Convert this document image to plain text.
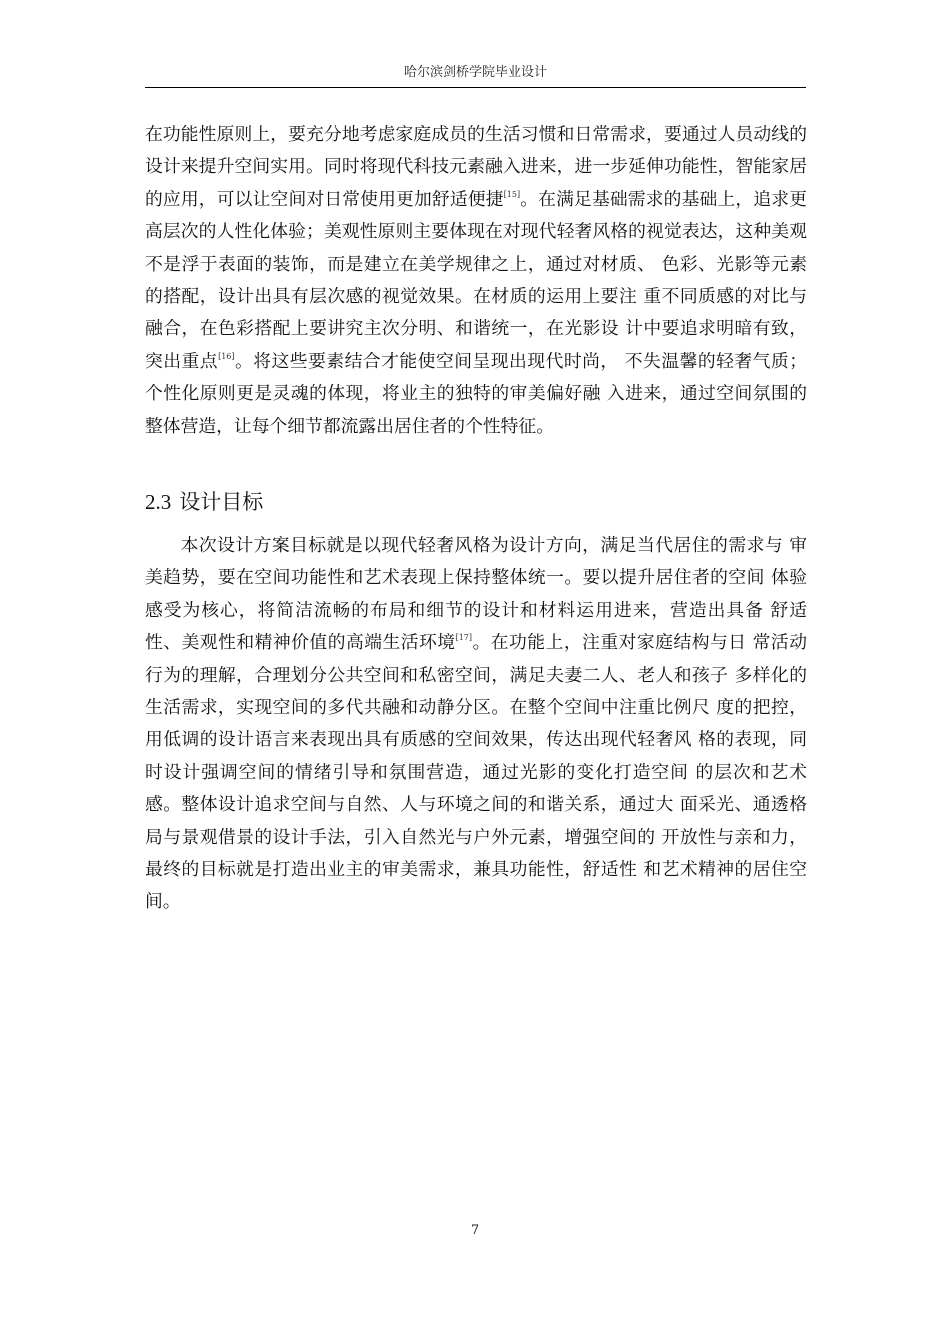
哈尔滨剑桥学院毕业设计

在功能性原则上，要充分地考虑家庭成员的生活习惯和日常需求，要通过人员动线的设计来提升空间实用。同时将现代科技元素融入进来，进一步延伸功能性，智能家居的应用，可以让空间对日常使用更加舒适便捷[15]。在满足基础需求的基础上，追求更高层次的人性化体验；美观性原则主要体现在对现代轻奢风格的视觉表达，这种美观不是浮于表面的装饰，而是建立在美学规律之上，通过对材质、 色彩、光影等元素的搭配，设计出具有层次感的视觉效果。在材质的运用上要注 重不同质感的对比与融合，在色彩搭配上要讲究主次分明、和谐统一，在光影设 计中要追求明暗有致，突出重点[16]。将这些要素结合才能使空间呈现出现代时尚， 不失温馨的轻奢气质；个性化原则更是灵魂的体现，将业主的独特的审美偏好融 入进来，通过空间氛围的整体营造，让每个细节都流露出居住者的个性特征。

2.3 设计目标

本次设计方案目标就是以现代轻奢风格为设计方向，满足当代居住的需求与 审美趋势，要在空间功能性和艺术表现上保持整体统一。要以提升居住者的空间 体验感受为核心，将简洁流畅的布局和细节的设计和材料运用进来，营造出具备 舒适性、美观性和精神价值的高端生活环境[17]。在功能上，注重对家庭结构与日 常活动行为的理解，合理划分公共空间和私密空间，满足夫妻二人、老人和孩子 多样化的生活需求，实现空间的多代共融和动静分区。在整个空间中注重比例尺 度的把控，用低调的设计语言来表现出具有质感的空间效果，传达出现代轻奢风 格的表现，同时设计强调空间的情绪引导和氛围营造，通过光影的变化打造空间 的层次和艺术感。整体设计追求空间与自然、人与环境之间的和谐关系，通过大 面采光、通透格局与景观借景的设计手法，引入自然光与户外元素，增强空间的 开放性与亲和力，最终的目标就是打造出业主的审美需求，兼具功能性，舒适性 和艺术精神的居住空间。

7
